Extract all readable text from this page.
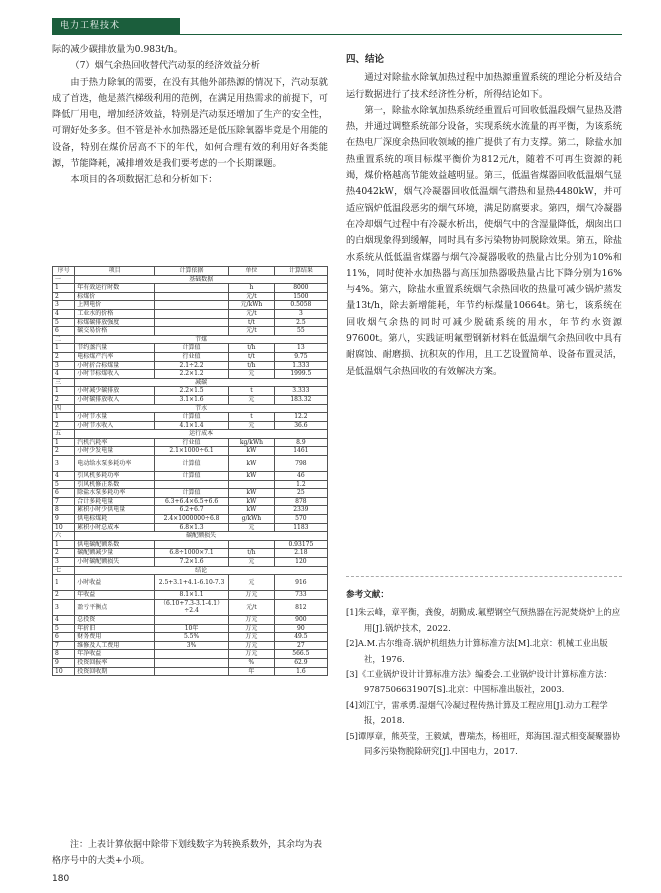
电力工程技术

际的减少碳排放量为0.983t/h。

（7）烟气余热回收替代汽动泵的经济效益分析

由于热力除氧的需要，在没有其他外部热源的情况下，汽动泵就成了首选，他是蒸汽梯级利用的范例，在满足用热需求的前提下，可降低厂用电，增加经济效益，特别是汽动泵还增加了生产的安全性，可谓好处多多。但不管是补水加热器还是低压除氧器毕竟是个用能的设备，特别在煤价居高不下的年代，如何合理有效的利用好各类能源，节能降耗，减排增效是我们要考虑的一个长期课题。

本项目的各项数据汇总和分析如下：

序号	项目	计算依据	单位	计算结果
一	基础数据			
1	年有效运行时数		h	8000
2	标煤价		元/t	1500
3	上网电价		元/kWh	0.5058
4	工业水的价格		元/t	3
5	标煤碳排放强度		t/t	2.5
6	碳交易价格		元/t	55
二	节煤			
1	节约蒸汽量	计算值	t/h	13
2	电标煤产汽率	行业值	t/t	9.75
3	小时折合标煤量	2.1÷2.2	t/h	1.333
4	小时节标煤收入	2.2×1.2	元	1999.5
三	减碳			
1	小时减少碳排放	2.2×1.5	t	3.333
2	小时碳排放收入	3.1×1.6	元	183.32
四	节水			
1	小时节水量	计算值	t	12.2
2	小时节水收入	4.1×1.4	元	36.6
五	运行成本			
1	汽机汽耗率	行业值	kg/kWh	8.9
2	小时少发电量	2.1×1000÷6.1	kW	1461
3	电动给水泵多耗功率	计算值	kW	798
4	引风机多耗功率	计算值	kW	46
5	引风机修正系数			1.2
6	除盐水泵多耗功率	计算值	kW	25
7	合计多耗电量	6.3+6.4×6.5+6.6	kW	878
8	累积小时少供电量	6.2+6.7	kW	2339
9	供电标煤耗	2.4×1000000÷6.8	g/kWh	570
10	累积小时总成本	6.8×1.3	元	1183
六	碳配额损失			
1	供电碳配额系数			0.93175
2	碳配额减少量	6.8÷1000×7.1	t/h	2.18
3	小时碳配额损失	7.2×1.6	元	120
七	结论			
1	小时收益	2.5+3.1+4.1-6.10-7.3	元	916
2	年收益	8.1×1.1	万元	733
3	盈亏平衡点	（6.10+7.3-3.1-4.1）÷2.4	元/t	812
4	总投资		万元	900
5	年折旧	10年	万元	90
6	财务费用	5.5%	万元	49.5
7	维修及人工费用	3%	万元	27
8	年净收益		万元	566.5
9	投资回报率		%	62.9
10	投资回收期		年	1.6
注：上表计算依据中除带下划线数字为转换系数外，其余均为表格序号中的大类+小项。
四、结论

通过对除盐水除氧加热过程中加热源重置系统的理论分析及结合运行数据进行了技术经济性分析，所得结论如下。

第一，除盐水除氧加热系统经重置后可回收低温段烟气显热及潜热，并通过调整系统部分设备，实现系统水流量的再平衡，为该系统在热电厂深度余热回收领域的推广提供了有力支撑。第二，除盐水加热重置系统的项目标煤平衡价为812元/t，随着不可再生资源的耗竭，煤价格越高节能效益越明显。第三，低温省煤器回收低温烟气显热4042kW，烟气冷凝器回收低温烟气潜热和显热4480kW，并可适应锅炉低温段恶劣的烟气环境，满足防腐要求。第四，烟气冷凝器在冷却烟气过程中有冷凝水析出，使烟气中的含湿量降低，烟囱出口的白烟现象得到缓解，同时具有多污染物协同脱除效果。第五，除盐水系统从低低温省煤器与烟气冷凝器吸收的热量占比分别为10%和11%，同时使补水加热器与高压加热器吸热量占比下降分别为16%与4%。第六，除盐水重置系统烟气余热回收的热量可减少锅炉蒸发量13t/h，除去新增能耗，年节约标煤量10664t。第七，该系统在回收烟气余热的同时可减少脱硫系统的用水，年节约水资源97600t。第八，实践证明氟塑钢新材料在低温烟气余热回收中具有耐腐蚀、耐磨损、抗积灰的作用，且工艺设置简单、设备布置灵活，是低温烟气余热回收的有效解决方案。

参考文献：
[1]朱云峰，章平衡，龚俊，胡勤成.氟塑钢空气预热器在污泥焚烧炉上的应用[J].锅炉技术，2022.
[2]A.M.古尔维奇.锅炉机组热力计算标准方法[M].北京：机械工业出版社，1976.
[3]《工业锅炉设计计算标准方法》编委会.工业锅炉设计计算标准方法：9787506631907[S].北京：中国标准出版社，2003.
[4]刘江宁，雷承勇.湿烟气冷凝过程传热计算及工程应用[J].动力工程学报，2018.
[5]谭厚章，熊英莹，王毅斌，曹瑞杰，杨祖旺，郑海国.湿式相变凝聚器协同多污染物脱除研究[J].中国电力，2017.
180
